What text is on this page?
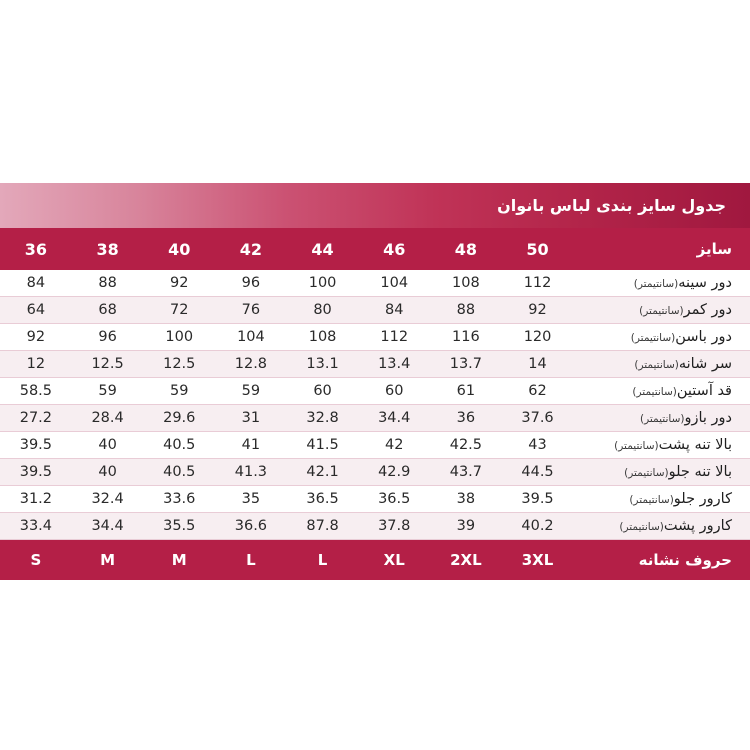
جدول سایز بندی لباس بانوان								
سایز	50	48	46	44	42	40	38	36
دور سینه(سانتیمتر)	112	108	104	100	96	92	88	84
دور کمر(سانتیمتر)	92	88	84	80	76	72	68	64
دور باسن(سانتیمتر)	120	116	112	108	104	100	96	92
سر شانه(سانتیمتر)	14	13.7	13.4	13.1	12.8	12.5	12.5	12
قد آستین(سانتیمتر)	62	61	60	60	59	59	59	58.5
دور بازو(سانتیمتر)	37.6	36	34.4	32.8	31	29.6	28.4	27.2
بالا تنه پشت(سانتیمتر)	43	42.5	42	41.5	41	40.5	40	39.5
بالا تنه جلو(سانتیمتر)	44.5	43.7	42.9	42.1	41.3	40.5	40	39.5
کارور جلو(سانتیمتر)	39.5	38	36.5	36.5	35	33.6	32.4	31.2
کارور پشت(سانتیمتر)	40.2	39	37.8	87.8	36.6	35.5	34.4	33.4
حروف نشانه	3XL	2XL	XL	L	L	M	M	S
